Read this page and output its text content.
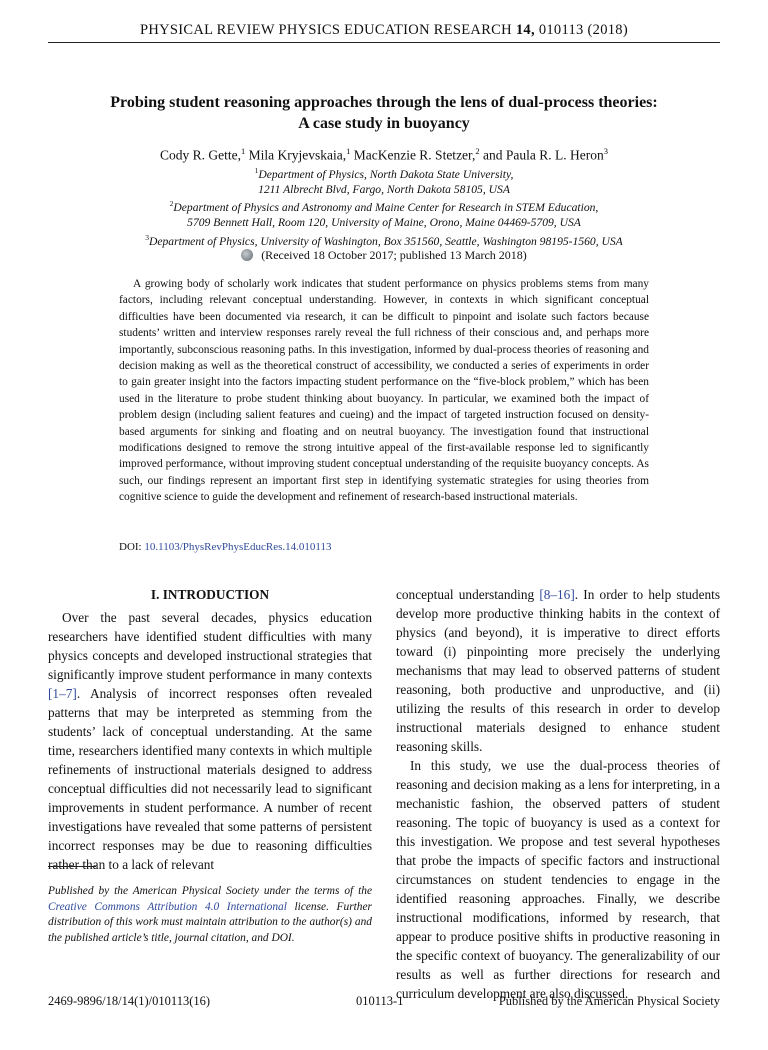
PHYSICAL REVIEW PHYSICS EDUCATION RESEARCH 14, 010113 (2018)
Probing student reasoning approaches through the lens of dual-process theories:
A case study in buoyancy
Cody R. Gette,$^1$ Mila Kryjevskaia,$^1$ MacKenzie R. Stetzer,$^2$ and Paula R. L. Heron$^3$
$^1$Department of Physics, North Dakota State University,
1211 Albrecht Blvd, Fargo, North Dakota 58105, USA
$^2$Department of Physics and Astronomy and Maine Center for Research in STEM Education,
5709 Bennett Hall, Room 120, University of Maine, Orono, Maine 04469-5709, USA
$^3$Department of Physics, University of Washington, Box 351560, Seattle, Washington 98195-1560, USA
(Received 18 October 2017; published 13 March 2018)
A growing body of scholarly work indicates that student performance on physics problems stems from many factors, including relevant conceptual understanding. However, in contexts in which significant conceptual difficulties have been documented via research, it can be difficult to pinpoint and isolate such factors because students’ written and interview responses rarely reveal the full richness of their conscious and, and perhaps more importantly, subconscious reasoning paths. In this investigation, informed by dual-process theories of reasoning and decision making as well as the theoretical construct of accessibility, we conducted a series of experiments in order to gain greater insight into the factors impacting student performance on the “five-block problem,” which has been used in the literature to probe student thinking about buoyancy. In particular, we examined both the impact of problem design (including salient features and cueing) and the impact of targeted instruction focused on density-based arguments for sinking and floating and on neutral buoyancy. The investigation found that instructional modifications designed to remove the strong intuitive appeal of the first-available response led to significantly improved performance, without improving student conceptual understanding of the requisite buoyancy concepts. As such, our findings represent an important first step in identifying systematic strategies for using theories from cognitive science to guide the development and refinement of research-based instructional materials.
DOI: 10.1103/PhysRevPhysEducRes.14.010113
I. INTRODUCTION

Over the past several decades, physics education researchers have identified student difficulties with many physics concepts and developed instructional strategies that significantly improve student performance in many contexts [1–7]. Analysis of incorrect responses often revealed patterns that may be interpreted as stemming from the students’ lack of conceptual understanding. At the same time, researchers identified many contexts in which multiple refinements of instructional materials designed to address conceptual difficulties did not necessarily lead to significant improvements in student performance. A number of recent investigations have revealed that some patterns of persistent incorrect responses may be due to reasoning difficulties rather than to a lack of relevant

conceptual understanding [8–16]. In order to help students develop more productive thinking habits in the context of physics (and beyond), it is imperative to direct efforts toward (i) pinpointing more precisely the underlying mechanisms that may lead to observed patterns of student reasoning, both productive and unproductive, and (ii) utilizing the results of this research in order to develop instructional materials designed to enhance student reasoning skills.

In this study, we use the dual-process theories of reasoning and decision making as a lens for interpreting, in a mechanistic fashion, the observed patters of student reasoning. The topic of buoyancy is used as a context for this investigation. We propose and test several hypotheses that probe the impacts of specific factors and instructional circumstances on student tendencies to engage in the identified reasoning approaches. Finally, we describe instructional modifications, informed by research, that appear to produce positive shifts in productive reasoning in the specific context of buoyancy. The generalizability of our results as well as further directions for research and curriculum development are also discussed.

Published by the American Physical Society under the terms of the Creative Commons Attribution 4.0 International license. Further distribution of this work must maintain attribution to the author(s) and the published article’s title, journal citation, and DOI.
2469-9896/18/14(1)/010113(16)	010113-1	Published by the American Physical Society
